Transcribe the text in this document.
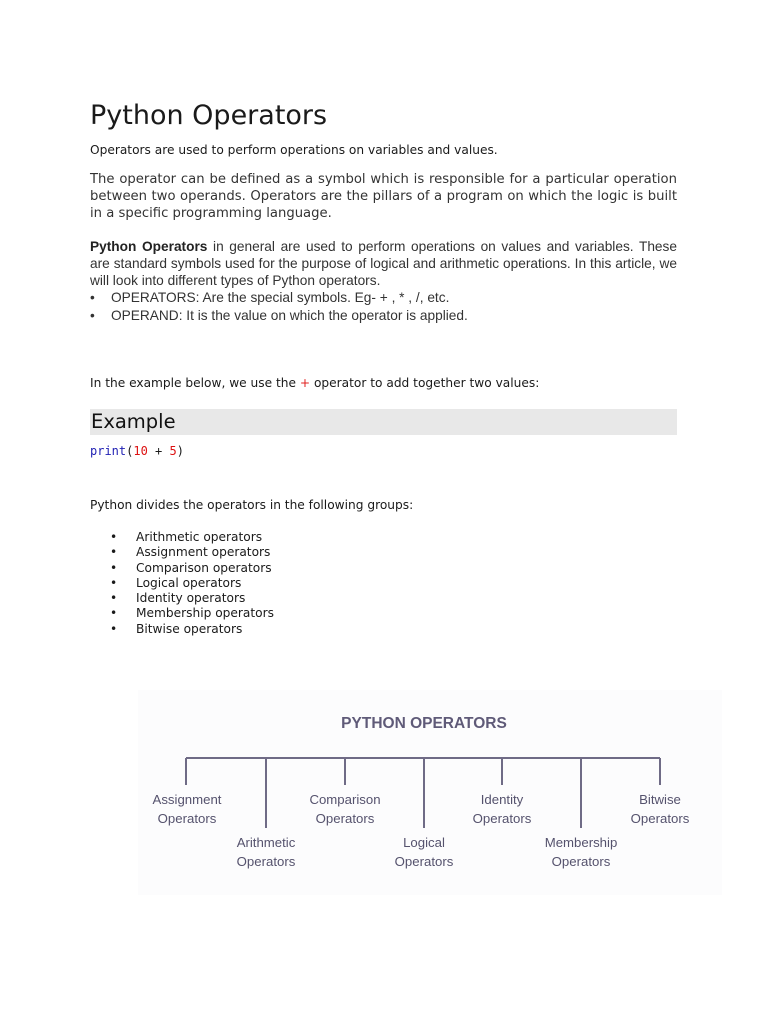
Python Operators

Operators are used to perform operations on variables and values.

The operator can be defined as a symbol which is responsible for a particular operation between two operands. Operators are the pillars of a program on which the logic is built in a specific programming language.

Python Operators in general are used to perform operations on values and variables. These are standard symbols used for the purpose of logical and arithmetic operations. In this article, we will look into different types of Python operators.

• OPERATORS: Are the special symbols. Eg- + , * , /, etc.
• OPERAND: It is the value on which the operator is applied.

In the example below, we use the + operator to add together two values:

Example
print(10 + 5)

Python divides the operators in the following groups:

• Arithmetic operators
• Assignment operators
• Comparison operators
• Logical operators
• Identity operators
• Membership operators
• Bitwise operators
PYTHON OPERATORS
Assignment
Operators
Arithmetic
Operators
Comparison
Operators
Logical
Operators
Identity
Operators
Membership
Operators
Bitwise
Operators
